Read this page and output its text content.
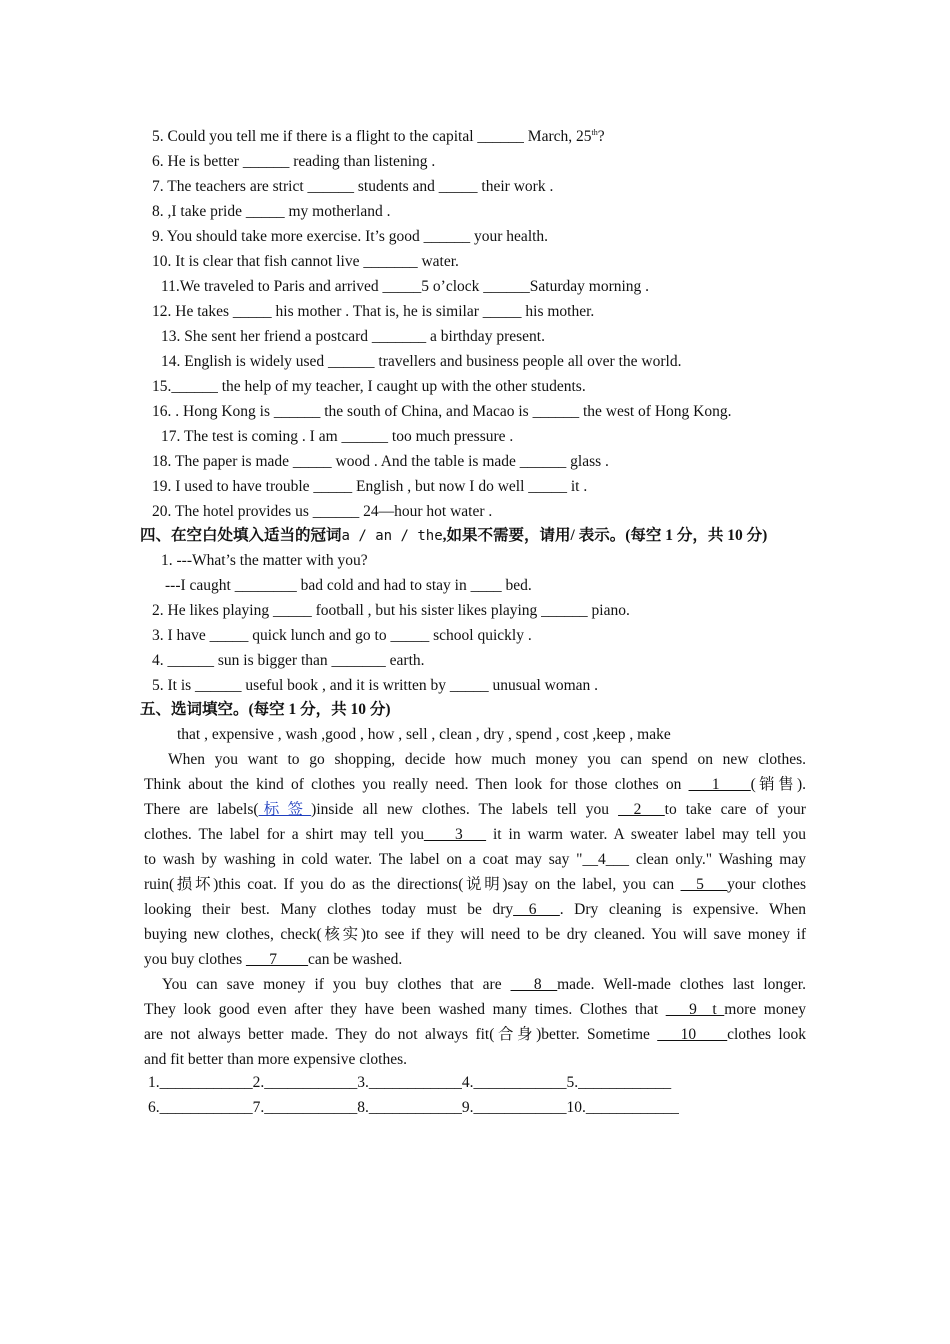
5. Could you tell me if there is a flight to the capital ______ March, 25th?
6. He is better ______ reading than listening .
7. The teachers are strict ______ students and _____ their work .
8. ,I take pride _____ my motherland .
9. You should take more exercise. It’s good ______ your health.
10. It is clear that fish cannot live _______ water.
11.We traveled to Paris and arrived _____5 o’clock ______Saturday morning .
12. He takes _____ his mother . That is, he is similar _____ his mother.
13. She sent her friend a postcard _______ a birthday present.
14. English is widely used ______ travellers and business people all over the world.
15.______ the help of my teacher, I caught up with the other students.
16. . Hong Kong is ______ the south of China, and Macao is ______ the west of Hong Kong.
17. The test is coming . I am ______ too much pressure .
18. The paper is made _____ wood . And the table is made ______ glass .
19. I used to have trouble _____ English , but now I do well _____ it .
20. The hotel provides us ______ 24—hour hot water .
四、在空白处填入适当的冠词a / an / the,如果不需要，请用/ 表示。(每空 1 分，共 10 分)
1. ---What’s the matter with you?
---I caught ________ bad cold and had to stay in ____ bed.
2. He likes playing _____ football , but his sister likes playing ______ piano.
3. I have _____ quick lunch and go to _____ school quickly .
4. ______ sun is bigger than _______ earth.
5. It is ______ useful book , and it is written by _____ unusual woman .
五、选词填空。(每空 1 分，共 10 分)
that , expensive , wash ,good , how , sell , clean , dry , spend , cost ,keep , make
When you want to go shopping, decide how much money you can spend on new clothes.
Think about the kind of clothes you really need. Then look for those clothes on ___1____(销售).
There are labels(标签)inside all new clothes. The labels tell you __2___to take care of your
clothes. The label for a shirt may tell you____3___ it in warm water. A sweater label may tell you
to wash by washing in cold water. The label on a coat may say "__4___ clean only." Washing may
ruin(损坏)this coat. If you do as the directions(说明)say on the label, you can __5___your clothes
looking their best. Many clothes today must be dry__6___. Dry cleaning is expensive. When
buying new clothes, check(核实)to see if they will need to be dry cleaned. You will save money if
you buy clothes ___7____can be washed.
You can save money if you buy clothes that are ___8__made. Well-made clothes last longer.
They look good even after they have been washed many times. Clothes that ___9__t more money
are not always better made. They do not always fit(合身)better. Sometime ___10____clothes look
and fit better than more expensive clothes.
1.____________2.____________3.____________4.____________5.____________
6.____________7.____________8.____________9.____________10.____________
